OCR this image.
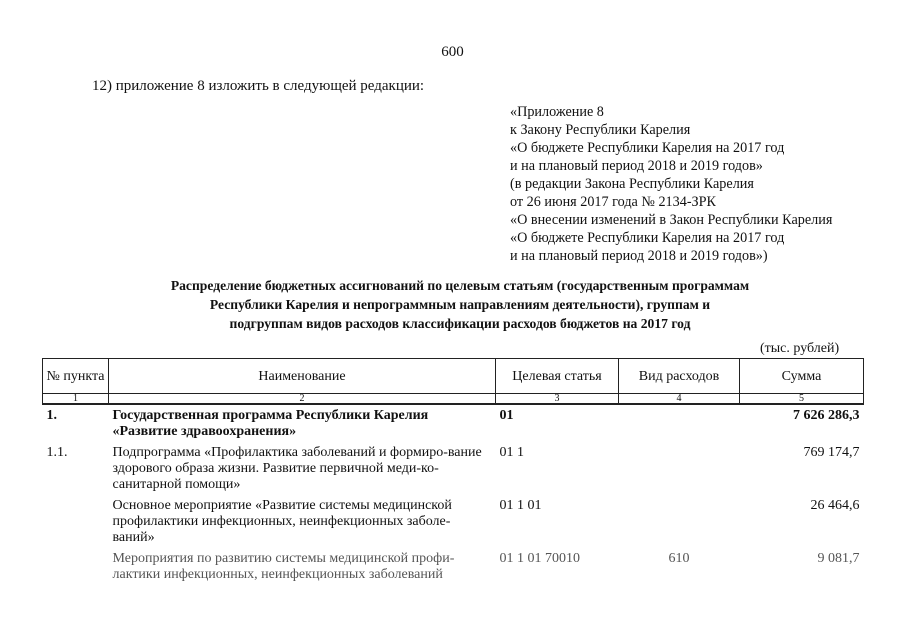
600
12) приложение 8 изложить в следующей редакции:
«Приложение 8
к Закону Республики Карелия
«О бюджете Республики Карелия на 2017 год
и на плановый период 2018 и 2019 годов»
(в редакции Закона Республики Карелия
от 26 июня 2017 года № 2134-ЗРК
«О внесении изменений в Закон Республики Карелия
«О бюджете Республики Карелия на 2017 год
и на плановый период 2018 и 2019 годов»)
Распределение бюджетных ассигнований по целевым статьям (государственным программам
Республики Карелия и непрограммным направлениям деятельности), группам и
подгруппам видов расходов классификации расходов бюджетов на 2017 год
(тыс. рублей)
№ пункта	Наименование	Целевая статья	Вид расходов	Сумма
1	2	3	4	5
1.	Государственная программа Республики Карелия «Развитие здравоохранения»	01		7 626 286,3
1.1.	Подпрограмма «Профилактика заболеваний и формиро-вание здорового образа жизни. Развитие первичной меди-ко-санитарной помощи»	01 1		769 174,7
	Основное мероприятие «Развитие системы медицинской профилактики инфекционных, неинфекционных заболе-ваний»	01 1 01		26 464,6
	Мероприятия по развитию системы медицинской профи-лактики инфекционных, неинфекционных заболеваний	01 1 01 70010	610	9 081,7
